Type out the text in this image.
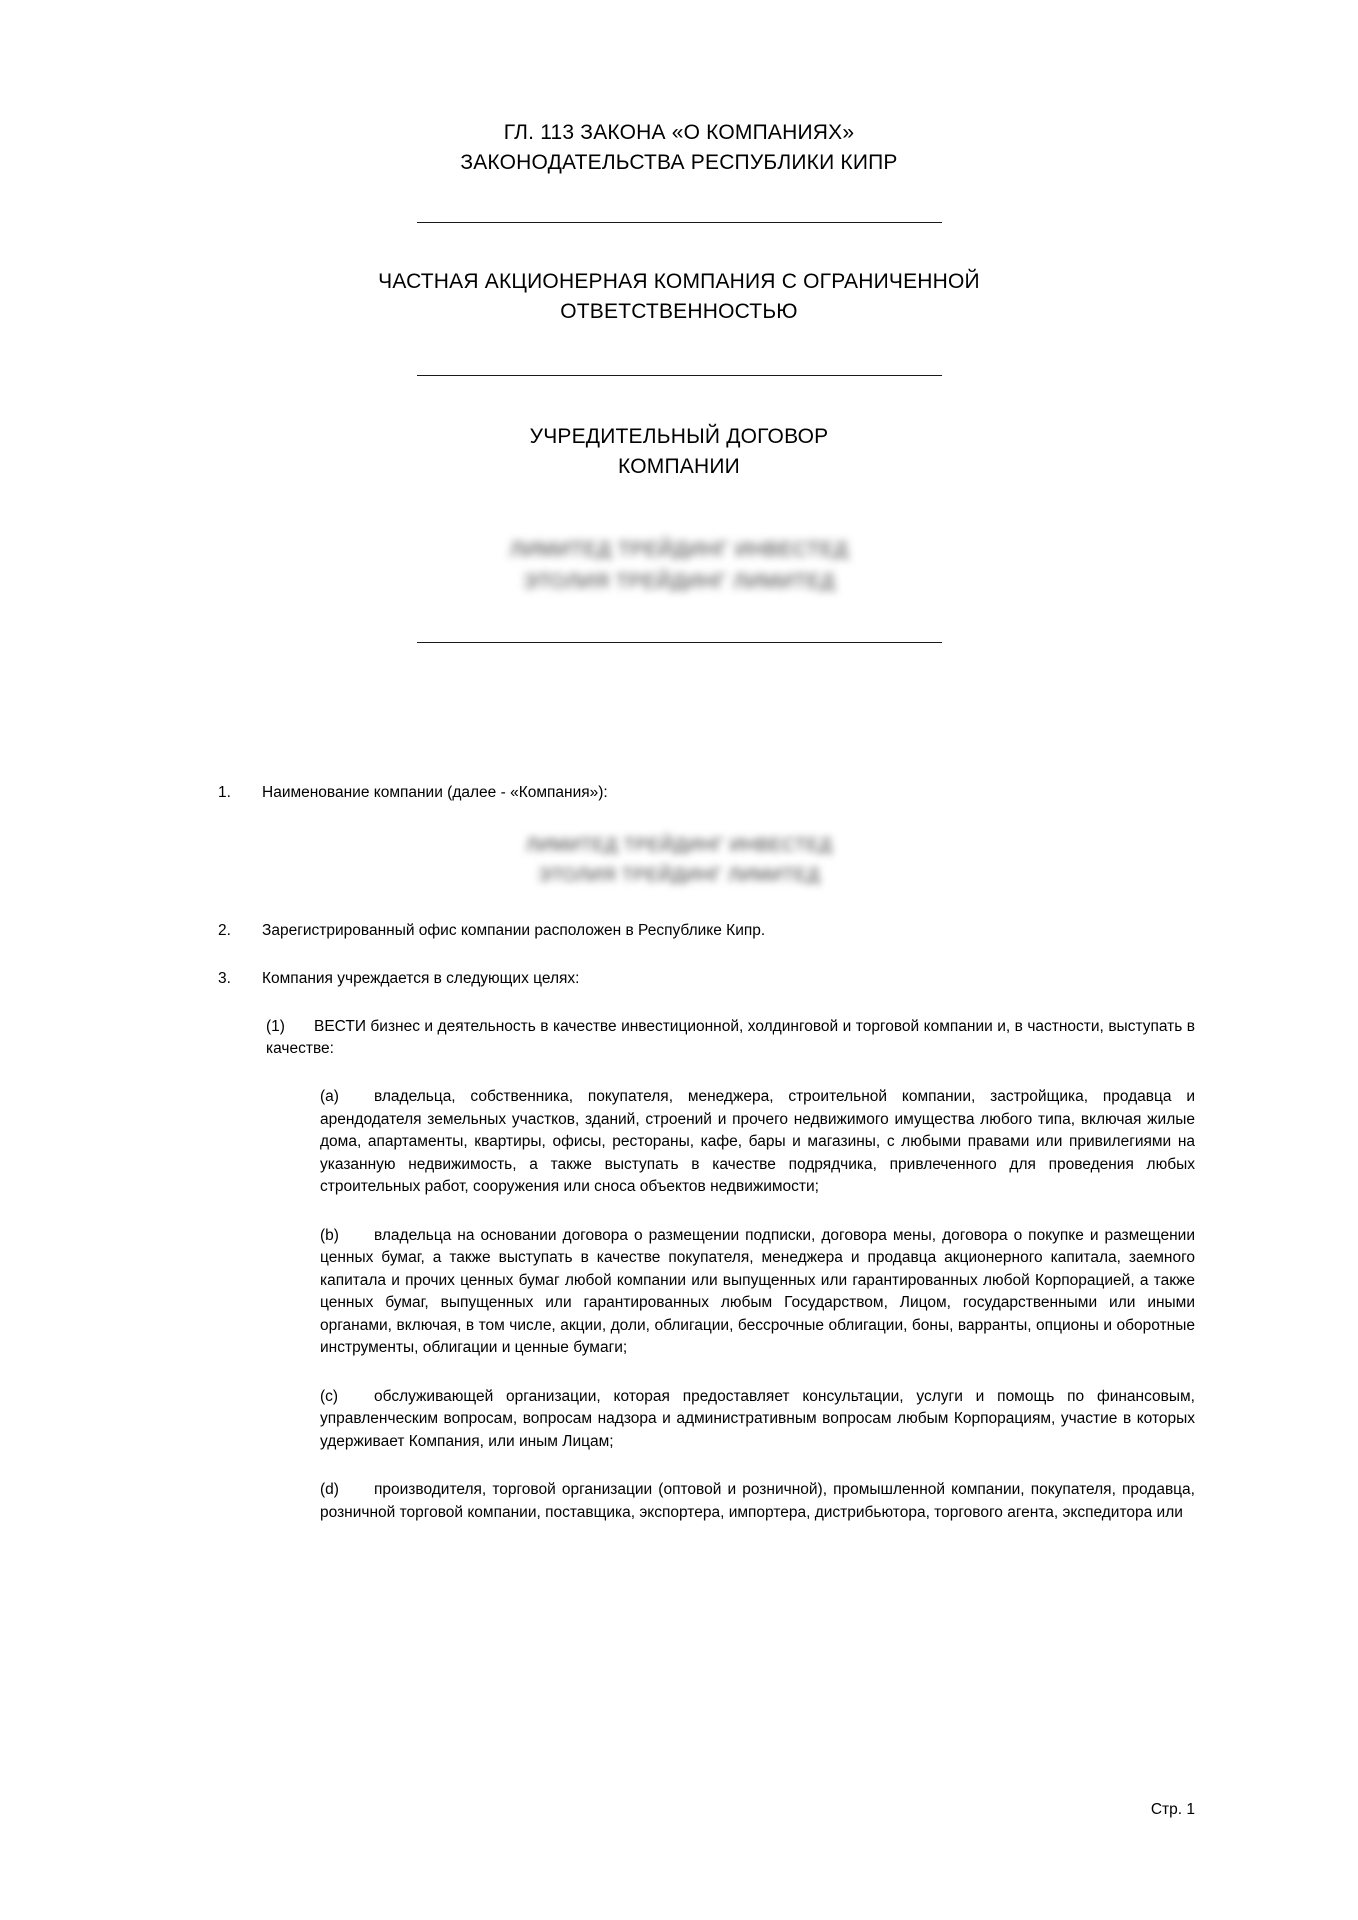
ГЛ. 113 ЗАКОНА «О КОМПАНИЯХ»
ЗАКОНОДАТЕЛЬСТВА РЕСПУБЛИКИ КИПР
ЧАСТНАЯ АКЦИОНЕРНАЯ КОМПАНИЯ С ОГРАНИЧЕННОЙ
ОТВЕТСТВЕННОСТЬЮ
УЧРЕДИТЕЛЬНЫЙ ДОГОВОР
КОМПАНИИ
ЛИМИТЕД ТРЕЙДИНГ ИНВЕСТЕД
ЭТОЛИЯ ТРЕЙДИНГ ЛИМИТЕД
1.	Наименование компании (далее - «Компания»):
ЛИМИТЕД ТРЕЙДИНГ ИНВЕСТЕД
ЭТОЛИЯ ТРЕЙДИНГ ЛИМИТЕД
2.	Зарегистрированный офис компании расположен в Республике Кипр.
3.	Компания учреждается в следующих целях:
(1)	ВЕСТИ бизнес и деятельность в качестве инвестиционной, холдинговой и торговой компании и, в частности, выступать в качестве:
(a)	владельца, собственника, покупателя, менеджера, строительной компании, застройщика, продавца и арендодателя земельных участков, зданий, строений и прочего недвижимого имущества любого типа, включая жилые дома, апартаменты, квартиры, офисы, рестораны, кафе, бары и магазины, с любыми правами или привилегиями на указанную недвижимость, а также выступать в качестве подрядчика, привлеченного для проведения любых строительных работ, сооружения или сноса объектов недвижимости;
(b)	владельца на основании договора о размещении подписки, договора мены, договора о покупке и размещении ценных бумаг, а также выступать в качестве покупателя, менеджера и продавца акционерного капитала, заемного капитала и прочих ценных бумаг любой компании или выпущенных или гарантированных любой Корпорацией, а также ценных бумаг, выпущенных или гарантированных любым Государством, Лицом, государственными или иными органами, включая, в том числе, акции, доли, облигации, бессрочные облигации, боны, варранты, опционы и оборотные инструменты, облигации и ценные бумаги;
(c)	обслуживающей организации, которая предоставляет консультации, услуги и помощь по финансовым, управленческим вопросам, вопросам надзора и административным вопросам любым Корпорациям, участие в которых удерживает Компания, или иным Лицам;
(d)	производителя, торговой организации (оптовой и розничной), промышленной компании, покупателя, продавца, розничной торговой компании, поставщика, экспортера, импортера, дистрибьютора, торгового агента, экспедитора или
Стр. 1
